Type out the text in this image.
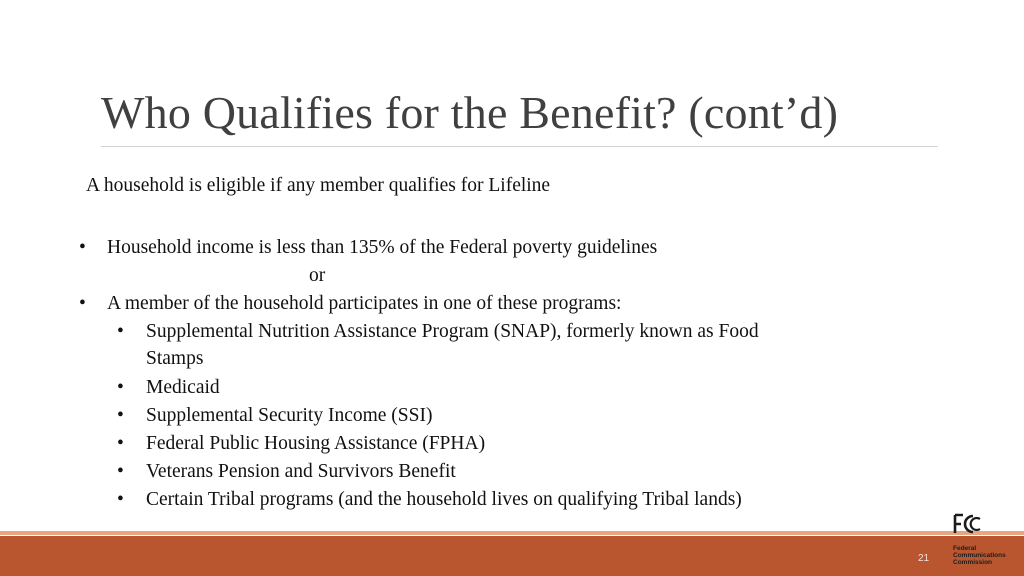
Who Qualifies for the Benefit? (cont’d)
A household is eligible if any member qualifies for Lifeline
• Household income is less than 135% of the Federal poverty guidelines
or
• A member of the household participates in one of these programs:
• Supplemental Nutrition Assistance Program (SNAP), formerly known as Food
Stamps
• Medicaid
• Supplemental Security Income (SSI)
• Federal Public Housing Assistance (FPHA)
• Veterans Pension and Survivors Benefit
• Certain Tribal programs (and the household lives on qualifying Tribal lands)
21
Federal
Communications
Commission
